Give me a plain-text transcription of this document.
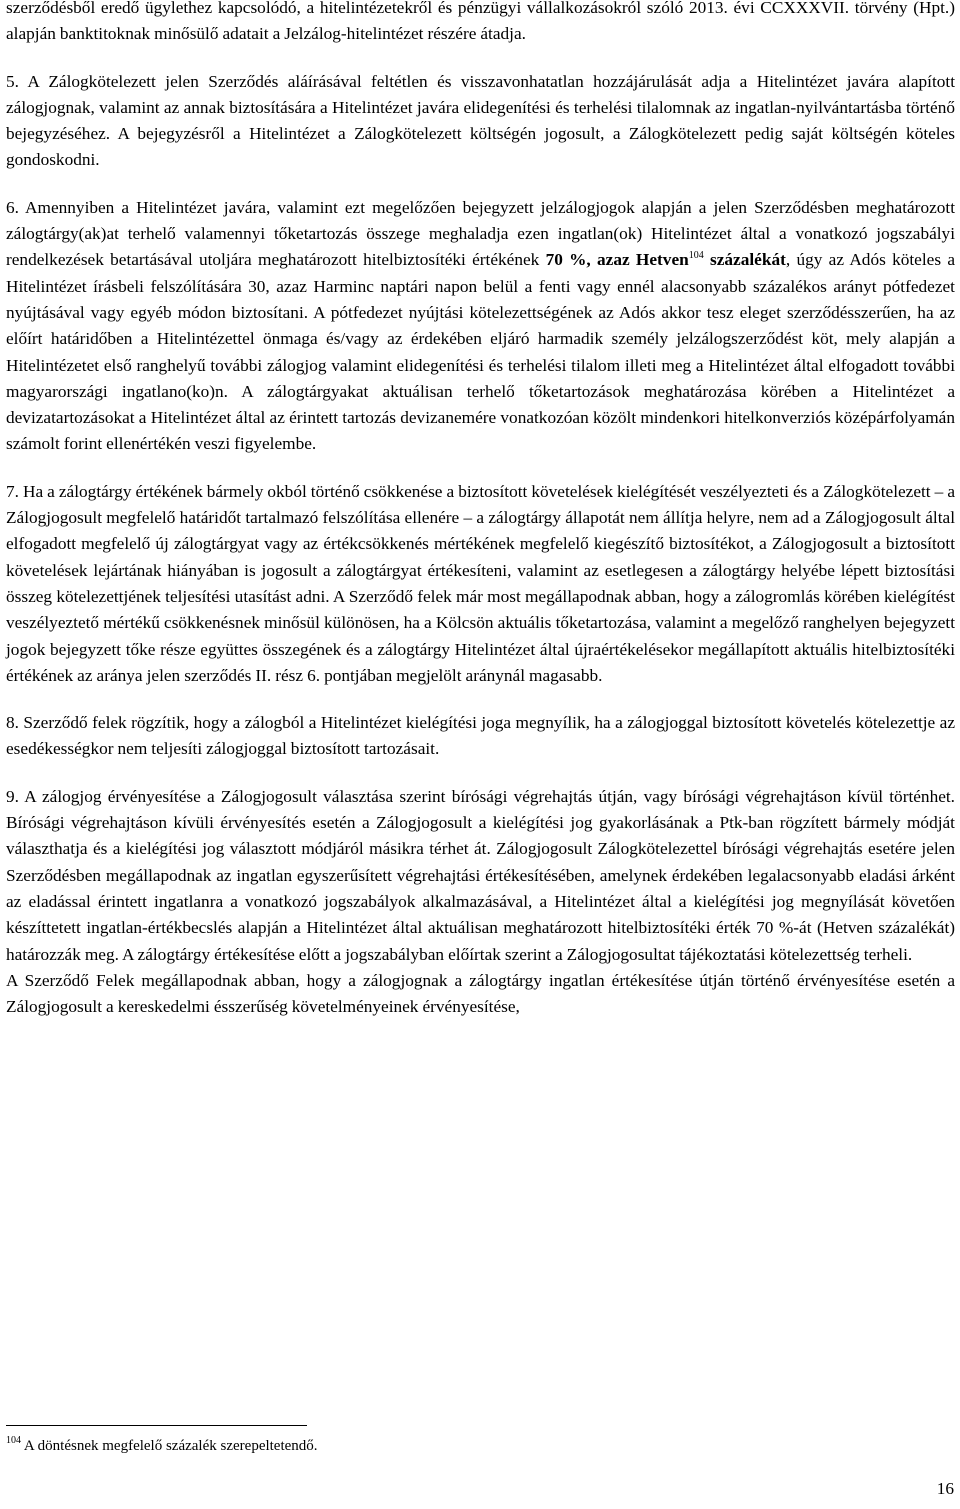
szerződésből eredő ügylethez kapcsolódó, a hitelintézetekről és pénzügyi vállalkozásokról szóló 2013. évi CCXXXVII. törvény (Hpt.) alapján banktitoknak minősülő adatait a Jelzálog-hitelintézet részére átadja.

5. A Zálogkötelezett jelen Szerződés aláírásával feltétlen és visszavonhatatlan hozzájárulását adja a Hitelintézet javára alapított zálogjognak, valamint az annak biztosítására a Hitelintézet javára elidegenítési és terhelési tilalomnak az ingatlan-nyilvántartásba történő bejegyzéséhez. A bejegyzésről a Hitelintézet a Zálogkötelezett költségén jogosult, a Zálogkötelezett pedig saját költségén köteles gondoskodni.

6. Amennyiben a Hitelintézet javára, valamint ezt megelőzően bejegyzett jelzálogjogok alapján a jelen Szerződésben meghatározott zálogtárgy(ak)at terhelő valamennyi tőketartozás összege meghaladja ezen ingatlan(ok) Hitelintézet által a vonatkozó jogszabályi rendelkezések betartásával utoljára meghatározott hitelbiztosítéki értékének 70 %, azaz Hetven$^{104}$ százalékát, úgy az Adós köteles a Hitelintézet írásbeli felszólítására 30, azaz Harminc naptári napon belül a fenti vagy ennél alacsonyabb százalékos arányt pótfedezet nyújtásával vagy egyéb módon biztosítani. A pótfedezet nyújtási kötelezettségének az Adós akkor tesz eleget szerződésszerűen, ha az előírt határidőben a Hitelintézettel önmaga és/vagy az érdekében eljáró harmadik személy jelzálogszerződést köt, mely alapján a Hitelintézetet első ranghelyű további zálogjog valamint elidegenítési és terhelési tilalom illeti meg a Hitelintézet által elfogadott további magyarországi ingatlano(ko)n. A zálogtárgyakat aktuálisan terhelő tőketartozások meghatározása körében a Hitelintézet a devizatartozásokat a Hitelintézet által az érintett tartozás devizanemére vonatkozóan közölt mindenkori hitelkonverziós középárfolyamán számolt forint ellenértékén veszi figyelembe.

7. Ha a zálogtárgy értékének bármely okból történő csökkenése a biztosított követelések kielégítését veszélyezteti és a Zálogkötelezett – a Zálogjogosult megfelelő határidőt tartalmazó felszólítása ellenére – a zálogtárgy állapotát nem állítja helyre, nem ad a Zálogjogosult által elfogadott megfelelő új zálogtárgyat vagy az értékcsökkenés mértékének megfelelő kiegészítő biztosítékot, a Zálogjogosult a biztosított követelések lejártának hiányában is jogosult a zálogtárgyat értékesíteni, valamint az esetlegesen a zálogtárgy helyébe lépett biztosítási összeg kötelezettjének teljesítési utasítást adni. A Szerződő felek már most megállapodnak abban, hogy a zálogromlás körében kielégítést veszélyeztető mértékű csökkenésnek minősül különösen, ha a Kölcsön aktuális tőketartozása, valamint a megelőző ranghelyen bejegyzett jogok bejegyzett tőke része együttes összegének és a zálogtárgy Hitelintézet által újraértékelésekor megállapított aktuális hitelbiztosítéki értékének az aránya jelen szerződés II. rész 6. pontjában megjelölt aránynál magasabb.

8. Szerződő felek rögzítik, hogy a zálogból a Hitelintézet kielégítési joga megnyílik, ha a zálogjoggal biztosított követelés kötelezettje az esedékességkor nem teljesíti zálogjoggal biztosított tartozásait.

9. A zálogjog érvényesítése a Zálogjogosult választása szerint bírósági végrehajtás útján, vagy bírósági végrehajtáson kívül történhet. Bírósági végrehajtáson kívüli érvényesítés esetén a Zálogjogosult a kielégítési jog gyakorlásának a Ptk-ban rögzített bármely módját választhatja és a kielégítési jog választott módjáról másikra térhet át. Zálogjogosult Zálogkötelezettel bírósági végrehajtás esetére jelen Szerződésben megállapodnak az ingatlan egyszerűsített végrehajtási értékesítésében, amelynek érdekében legalacsonyabb eladási árként az eladással érintett ingatlanra a vonatkozó jogszabályok alkalmazásával, a Hitelintézet által a kielégítési jog megnyílását követően készíttetett ingatlan-értékbecslés alapján a Hitelintézet által aktuálisan meghatározott hitelbiztosítéki érték 70 %-át (Hetven százalékát) határozzák meg. A zálogtárgy értékesítése előtt a jogszabályban előírtak szerint a Zálogjogosultat tájékoztatási kötelezettség terheli.

A Szerződő Felek megállapodnak abban, hogy a zálogjognak a zálogtárgy ingatlan értékesítése útján történő érvényesítése esetén a Zálogjogosult a kereskedelmi ésszerűség követelményeinek érvényesítése,

$^{104}$ A döntésnek megfelelő százalék szerepeltetendő.
16
